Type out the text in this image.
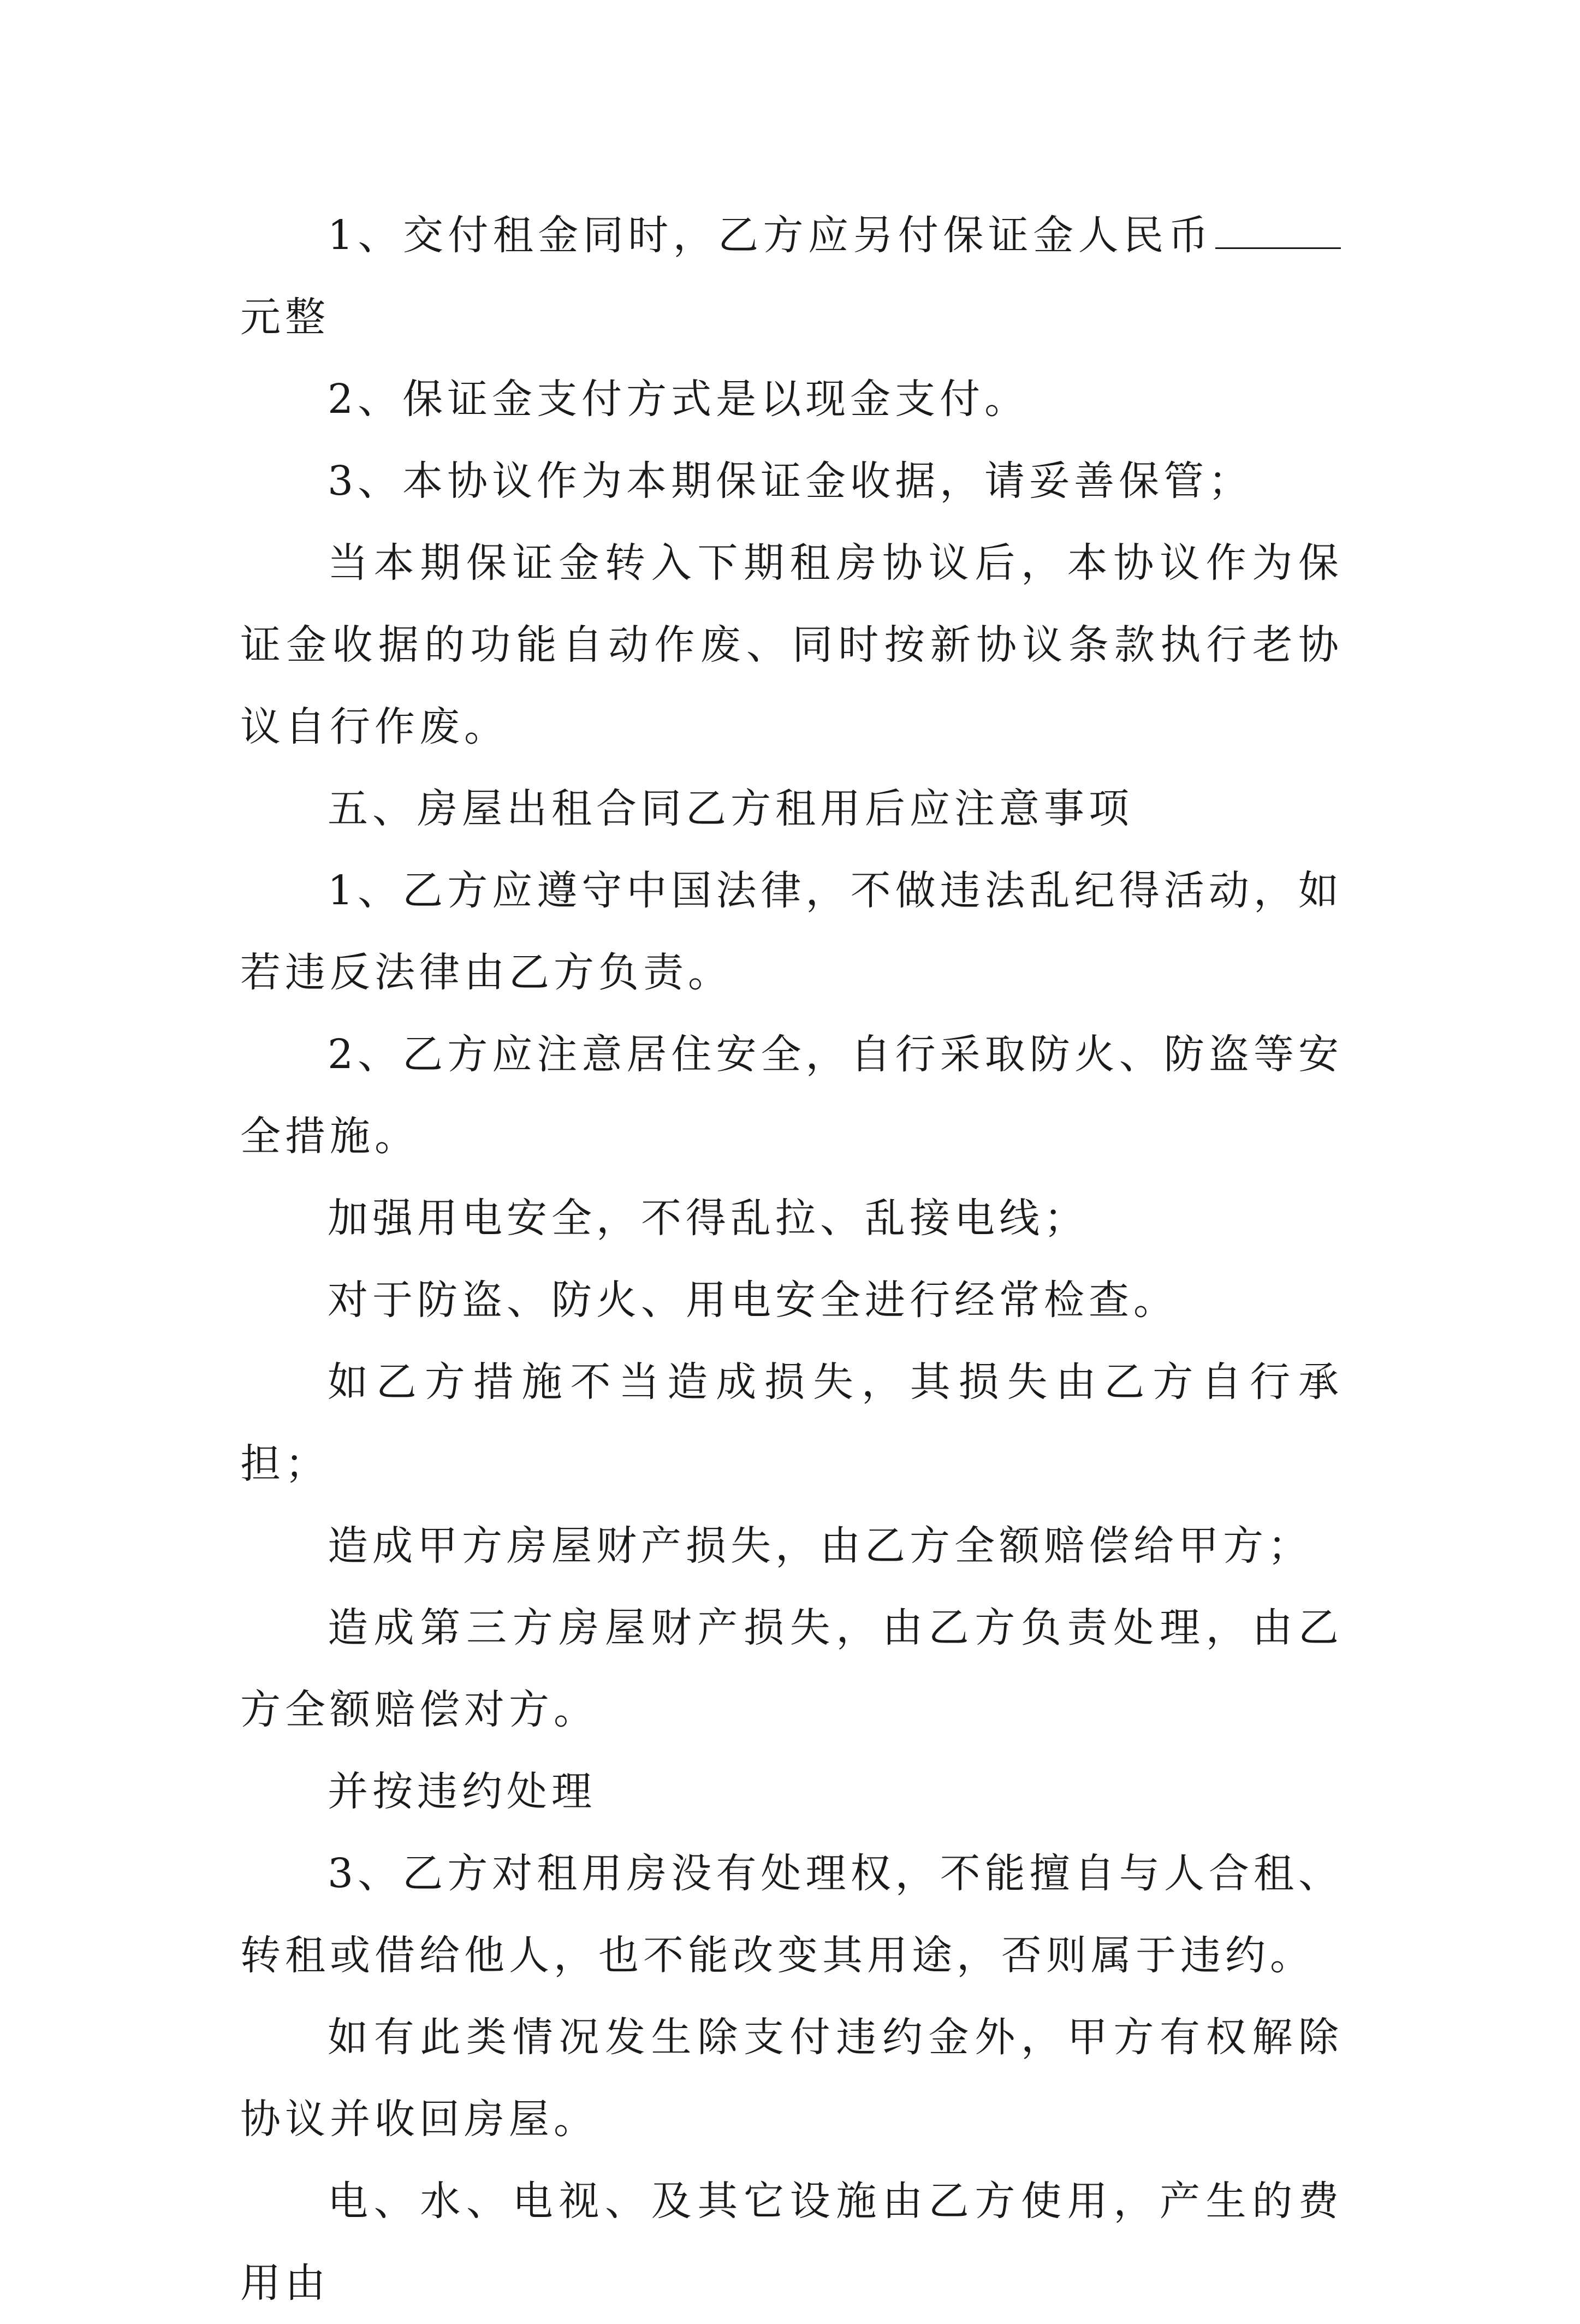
1、交付租金同时，乙方应另付保证金人民币元整

2、保证金支付方式是以现金支付。

3、本协议作为本期保证金收据，请妥善保管；

当本期保证金转入下期租房协议后，本协议作为保证金收据的功能自动作废、同时按新协议条款执行老协议自行作废。

五、房屋出租合同乙方租用后应注意事项

1、乙方应遵守中国法律，不做违法乱纪得活动，如若违反法律由乙方负责。

2、乙方应注意居住安全，自行采取防火、防盗等安全措施。

加强用电安全，不得乱拉、乱接电线；

对于防盗、防火、用电安全进行经常检查。

如乙方措施不当造成损失，其损失由乙方自行承担；

造成甲方房屋财产损失，由乙方全额赔偿给甲方；

造成第三方房屋财产损失，由乙方负责处理，由乙方全额赔偿对方。

并按违约处理

3、乙方对租用房没有处理权，不能擅自与人合租、转租或借给他人，也不能改变其用途，否则属于违约。

如有此类情况发生除支付违约金外，甲方有权解除协议并收回房屋。

电、水、电视、及其它设施由乙方使用，产生的费用由
